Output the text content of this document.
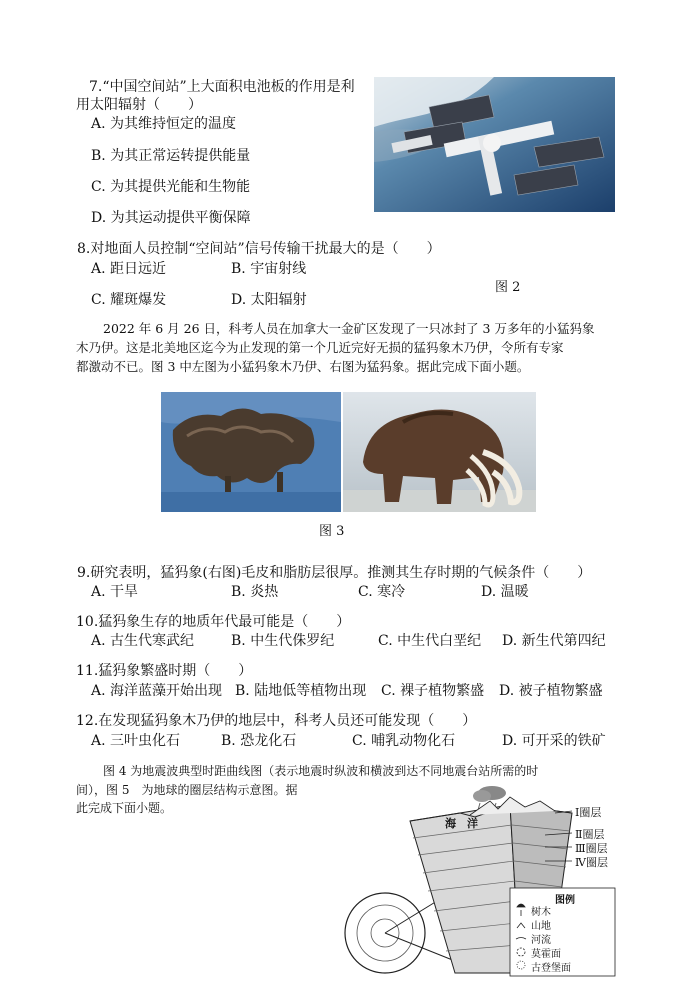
7.“中国空间站”上大面积电池板的作用是利
用太阳辐射（　　）
A. 为其维持恒定的温度
B. 为其正常运转提供能量
C. 为其提供光能和生物能
D. 为其运动提供平衡保障
8.对地面人员控制“空间站”信号传输干扰最大的是（　　）
A. 距日远近	B. 宇宙射线
C. 耀斑爆发	D. 太阳辐射
图 2
2022 年 6 月 26 日，科考人员在加拿大一金矿区发现了一只冰封了 3 万多年的小猛犸象
木乃伊。这是北美地区迄今为止发现的第一个几近完好无损的猛犸象木乃伊，令所有专家
都激动不已。图 3 中左图为小猛犸象木乃伊、右图为猛犸象。据此完成下面小题。
图 3
9.研究表明，猛犸象(右图)毛皮和脂肪层很厚。推测其生存时期的气候条件（　　）
A. 干旱	B. 炎热	C. 寒冷	D. 温暖
10.猛犸象生存的地质年代最可能是（　　）
A. 古生代寒武纪	B. 中生代侏罗纪	C. 中生代白垩纪 D. 新生代第四纪
11.猛犸象繁盛时期（　　）
A. 海洋蓝藻开始出现 B. 陆地低等植物出现 C. 裸子植物繁盛 D. 被子植物繁盛
12.在发现猛犸象木乃伊的地层中，科考人员还可能发现（　　）
A. 三叶虫化石	B. 恐龙化石	C. 哺乳动物化石	D. 可开采的铁矿
图 4 为地震波典型时距曲线图（表示地震时纵波和横波到达不同地震台站所需的时
间），图 5　为地球的圈层结构示意图。据
此完成下面小题。
海　洋
Ⅰ圈层
Ⅱ圈层
Ⅲ圈层
Ⅳ圈层
图例
树木
山地
河流
莫霍面
古登堡面
